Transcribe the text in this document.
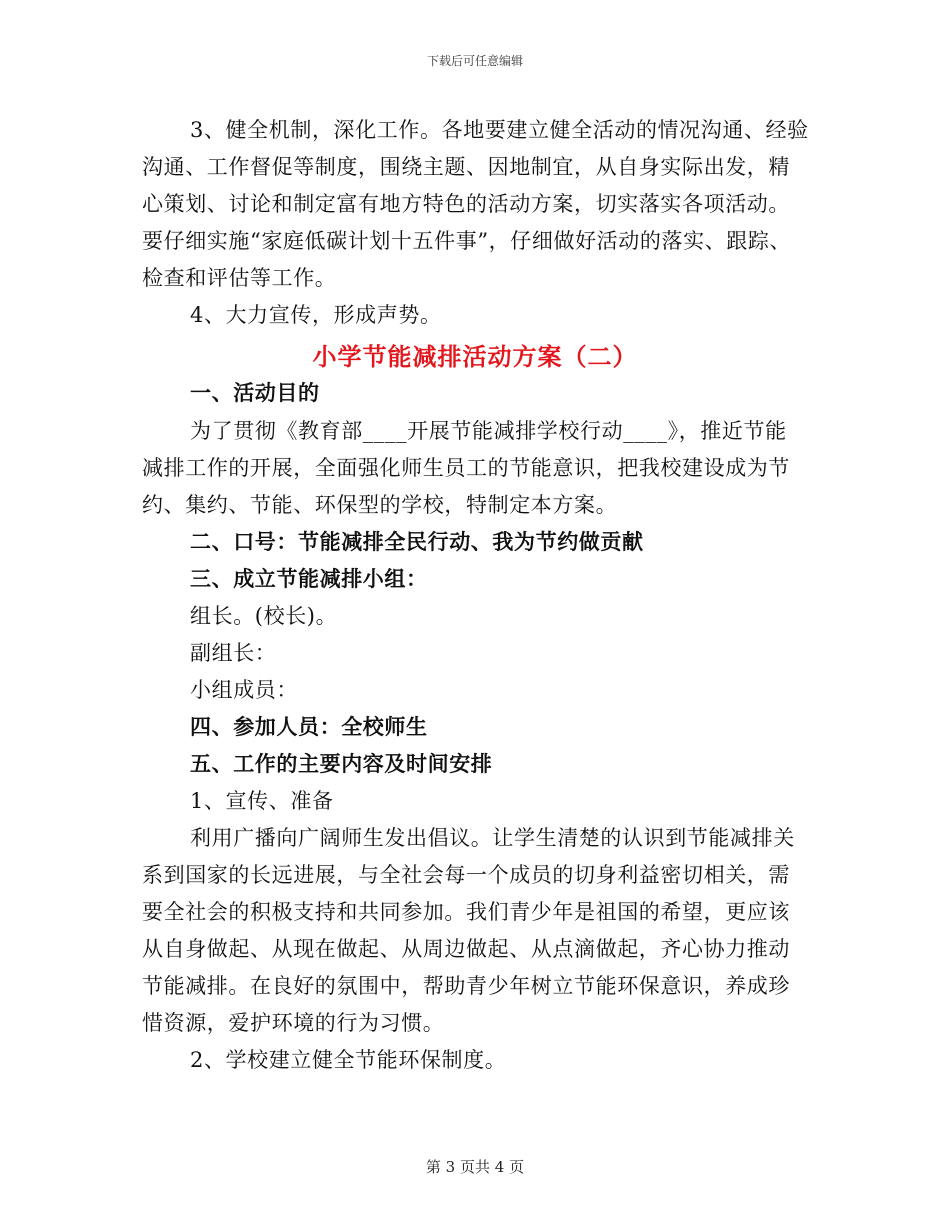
下载后可任意编辑
3、健全机制，深化工作。各地要建立健全活动的情况沟通、经验
沟通、工作督促等制度，围绕主题、因地制宜，从自身实际出发，精
心策划、讨论和制定富有地方特色的活动方案，切实落实各项活动。
要仔细实施“家庭低碳计划十五件事”，仔细做好活动的落实、跟踪、
检查和评估等工作。
4、大力宣传，形成声势。
小学节能减排活动方案（二）
一、活动目的
为了贯彻《教育部____开展节能减排学校行动____》，推近节能
减排工作的开展，全面强化师生员工的节能意识，把我校建设成为节
约、集约、节能、环保型的学校，特制定本方案。
二、口号：节能减排全民行动、我为节约做贡献
三、成立节能减排小组：
组长。(校长)。
副组长：
小组成员：
四、参加人员：全校师生
五、工作的主要内容及时间安排
1、宣传、准备
利用广播向广阔师生发出倡议。让学生清楚的认识到节能减排关
系到国家的长远进展，与全社会每一个成员的切身利益密切相关，需
要全社会的积极支持和共同参加。我们青少年是祖国的希望，更应该
从自身做起、从现在做起、从周边做起、从点滴做起，齐心协力推动
节能减排。在良好的氛围中，帮助青少年树立节能环保意识，养成珍
惜资源，爱护环境的行为习惯。
2、学校建立健全节能环保制度。
第 3 页共 4 页
